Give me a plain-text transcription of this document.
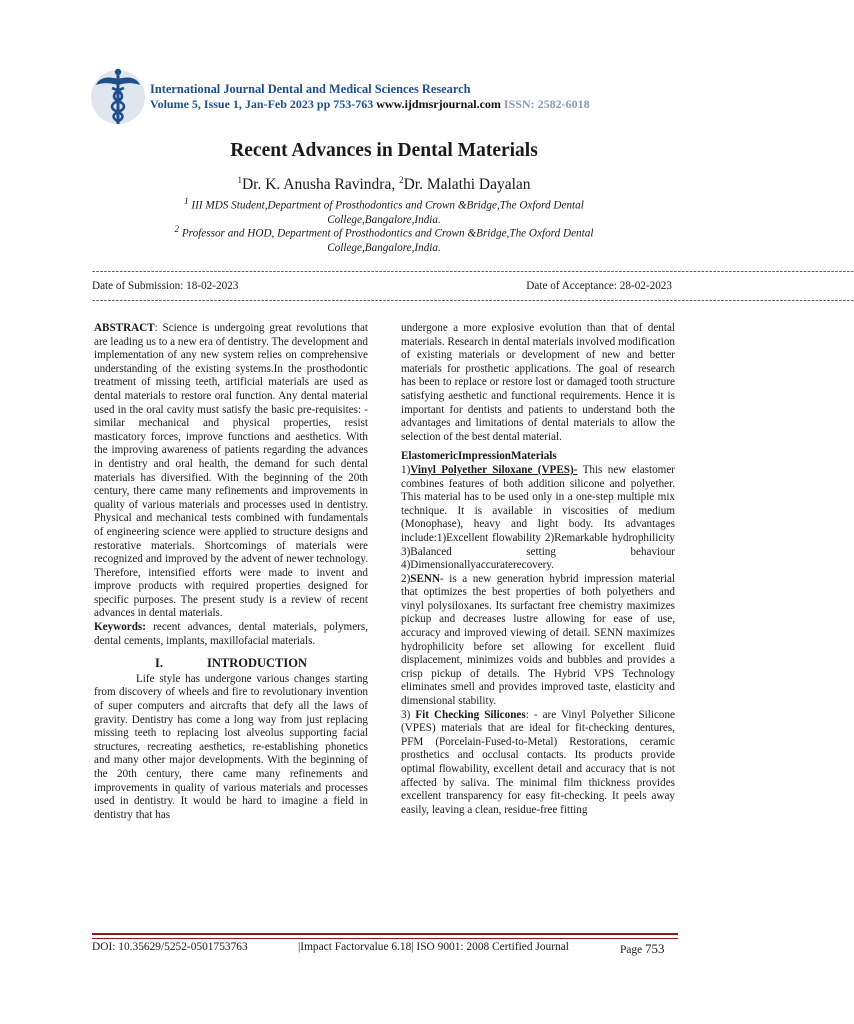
International Journal Dental and Medical Sciences Research
Volume 5, Issue 1, Jan-Feb 2023 pp 753-763 www.ijdmsrjournal.com ISSN: 2582-6018
Recent Advances in Dental Materials
$^1$Dr. K. Anusha Ravindra, $^2$Dr. Malathi Dayalan
$^1$ III MDS Student,Department of Prosthodontics and Crown &Bridge,The Oxford Dental College,Bangalore,India.
$^2$ Professor and HOD, Department of Prosthodontics and Crown &Bridge,The Oxford Dental College,Bangalore,India.
--------------------------------------------------------------------------------------------------------------------------------------------------------------------------------------------------
Date of Submission: 18-02-2023	Date of Acceptance: 28-02-2023
--------------------------------------------------------------------------------------------------------------------------------------------------------------------------------------------------

ABSTRACT: Science is undergoing great revolutions that are leading us to a new era of dentistry. The development and implementation of any new system relies on comprehensive understanding of the existing systems.In the prosthodontic treatment of missing teeth, artificial materials are used as dental materials to restore oral function. Any dental material used in the oral cavity must satisfy the basic pre-requisites: - similar mechanical and physical properties, resist masticatory forces, improve functions and aesthetics. With the improving awareness of patients regarding the advances in dentistry and oral health, the demand for such dental materials has diversified. With the beginning of the 20th century, there came many refinements and improvements in quality of various materials and processes used in dentistry. Physical and mechanical tests combined with fundamentals of engineering science were applied to structure designs and restorative materials. Shortcomings of materials were recognized and improved by the advent of newer technology. Therefore, intensified efforts were made to invent and improve products with required properties designed for specific purposes. The present study is a review of recent advances in dental materials.

Keywords: recent advances, dental materials, polymers, dental cements, implants, maxillofacial materials.

I.	INTRODUCTION

Life style has undergone various changes starting from discovery of wheels and fire to revolutionary invention of super computers and aircrafts that defy all the laws of gravity. Dentistry has come a long way from just replacing missing teeth to replacing lost alveolus supporting facial structures, recreating aesthetics, re-establishing phonetics and many other major developments. With the beginning of the 20th century, there came many refinements and improvements in quality of various materials and processes used in dentistry. It would be hard to imagine a field in dentistry that has

undergone a more explosive evolution than that of dental materials. Research in dental materials involved modification of existing materials or development of new and better materials for prosthetic applications. The goal of research has been to replace or restore lost or damaged tooth structure satisfying aesthetic and functional requirements. Hence it is important for dentists and patients to understand both the advantages and limitations of dental materials to allow the selection of the best dental material.

ElastomericImpressionMaterials

1)Vinyl Polyether Siloxane (VPES)- This new elastomer combines features of both addition silicone and polyether. This material has to be used only in a one-step multiple mix technique. It is available in viscosities of medium (Monophase), heavy and light body. Its advantages include:1)Excellent flowability 2)Remarkable hydrophilicity 3)Balanced setting behaviour 4)Dimensionallyaccuraterecovery.

2)SENN- is a new generation hybrid impression material that optimizes the best properties of both polyethers and vinyl polysiloxanes. Its surfactant free chemistry maximizes pickup and decreases lustre allowing for ease of use, accuracy and improved viewing of detail. SENN maximizes hydrophilicity before set allowing for excellent fluid displacement, minimizes voids and bubbles and provides a crisp pickup of details. The Hybrid VPS Technology eliminates smell and provides improved taste, elasticity and dimensional stability.

3) Fit Checking Silicones: - are Vinyl Polyether Silicone (VPES) materials that are ideal for fit-checking dentures, PFM (Porcelain-Fused-to-Metal) Restorations, ceramic prosthetics and occlusal contacts. Its products provide optimal flowability, excellent detail and accuracy that is not affected by saliva. The minimal film thickness provides excellent transparency for easy fit-checking. It peels away easily, leaving a clean, residue-free fitting

DOI: 10.35629/5252-0501753763	|Impact Factorvalue 6.18| ISO 9001: 2008 Certified Journal	Page 753
